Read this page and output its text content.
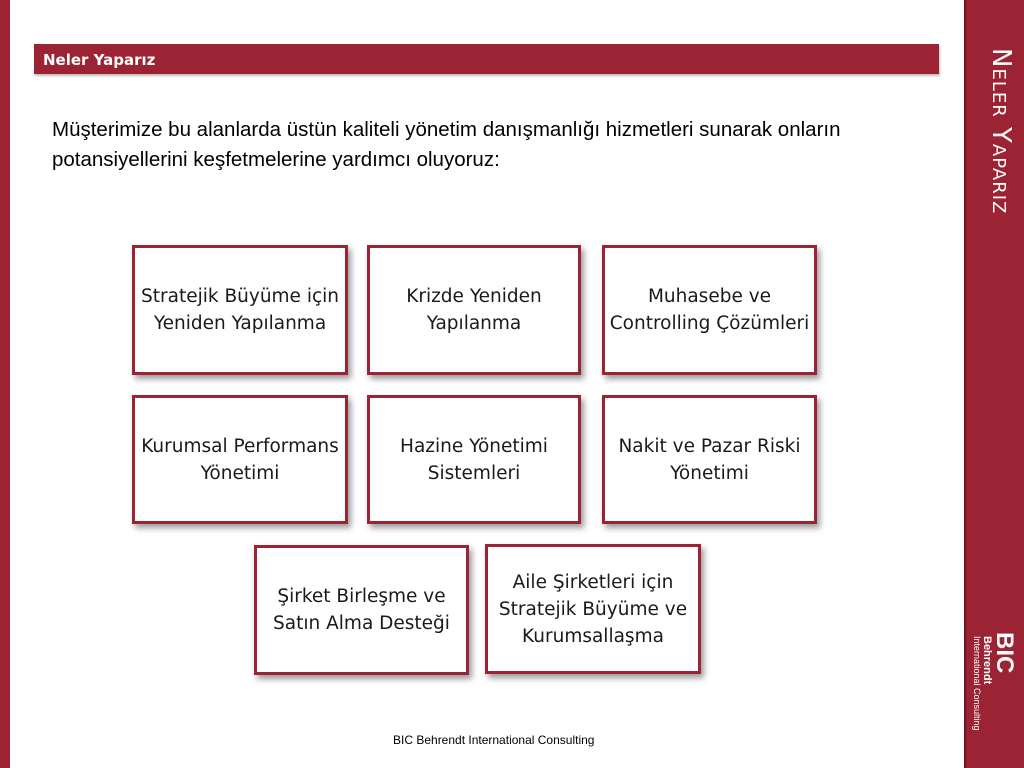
Neler Yaparız
BIC
Behrendt
International Consulting
Neler Yaparız
Müşterimize bu alanlarda üstün kaliteli yönetim danışmanlığı hizmetleri sunarak onların potansiyellerini keşfetmelerine yardımcı oluyoruz:
Stratejik Büyüme için Yeniden Yapılanma
Krizde Yeniden Yapılanma
Muhasebe ve Controlling Çözümleri
Kurumsal Performans Yönetimi
Hazine Yönetimi Sistemleri
Nakit ve Pazar Riski Yönetimi
Şirket Birleşme ve Satın Alma Desteği
Aile Şirketleri için Stratejik Büyüme ve Kurumsallaşma
BIC Behrendt International Consulting
